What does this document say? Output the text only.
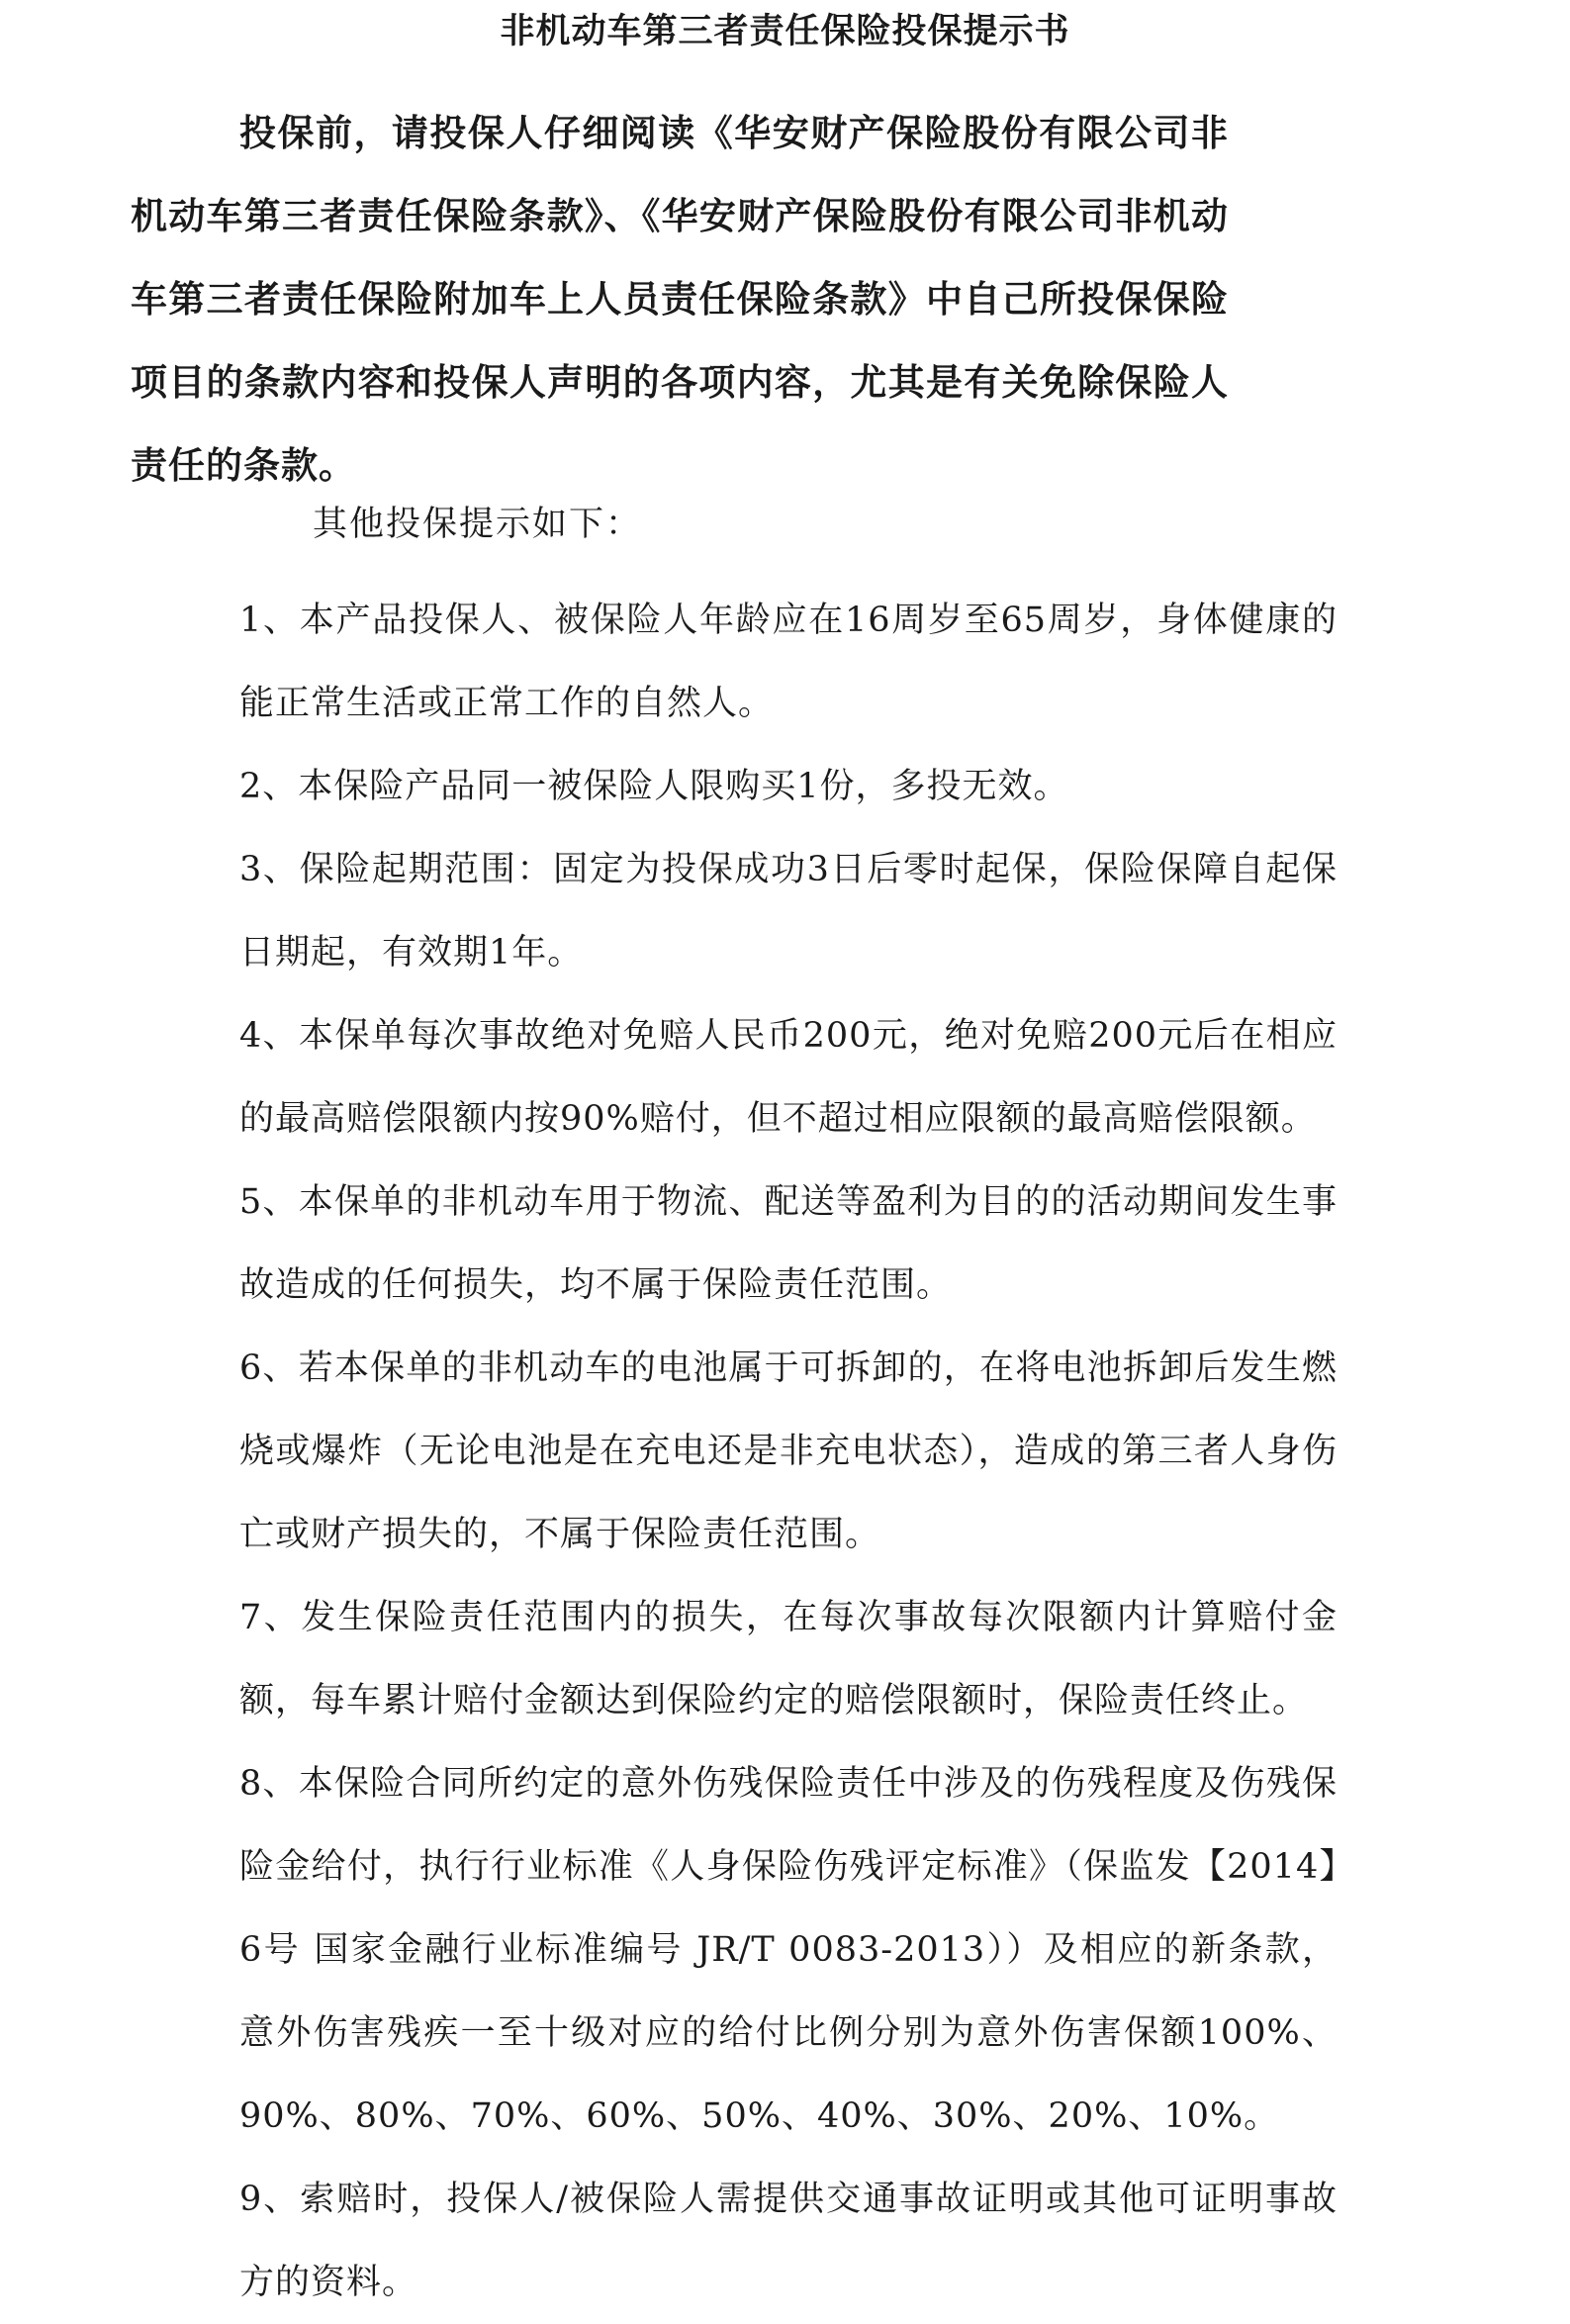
非机动车第三者责任保险投保提示书
投保前，请投保人仔细阅读《华安财产保险股份有限公司非机动车第三者责任保险条款》、《华安财产保险股份有限公司非机动车第三者责任保险附加车上人员责任保险条款》中自己所投保保险项目的条款内容和投保人声明的各项内容，尤其是有关免除保险人责任的条款。
其他投保提示如下：

1、本产品投保人、被保险人年龄应在16周岁至65周岁，身体健康的能正常生活或正常工作的自然人。

2、本保险产品同一被保险人限购买1份，多投无效。

3、保险起期范围：固定为投保成功3日后零时起保，保险保障自起保日期起，有效期1年。

4、本保单每次事故绝对免赔人民币200元，绝对免赔200元后在相应的最高赔偿限额内按90%赔付，但不超过相应限额的最高赔偿限额。

5、本保单的非机动车用于物流、配送等盈利为目的的活动期间发生事故造成的任何损失，均不属于保险责任范围。

6、若本保单的非机动车的电池属于可拆卸的，在将电池拆卸后发生燃烧或爆炸（无论电池是在充电还是非充电状态），造成的第三者人身伤亡或财产损失的，不属于保险责任范围。

7、发生保险责任范围内的损失，在每次事故每次限额内计算赔付金额，每车累计赔付金额达到保险约定的赔偿限额时，保险责任终止。

8、本保险合同所约定的意外伤残保险责任中涉及的伤残程度及伤残保险金给付，执行行业标准《人身保险伤残评定标准》（保监发【2014】6号 国家金融行业标准编号 JR/T 0083-2013））及相应的新条款，意外伤害残疾一至十级对应的给付比例分别为意外伤害保额100%、90%、80%、70%、60%、50%、40%、30%、20%、10%。

9、索赔时，投保人/被保险人需提供交通事故证明或其他可证明事故方的资料。
